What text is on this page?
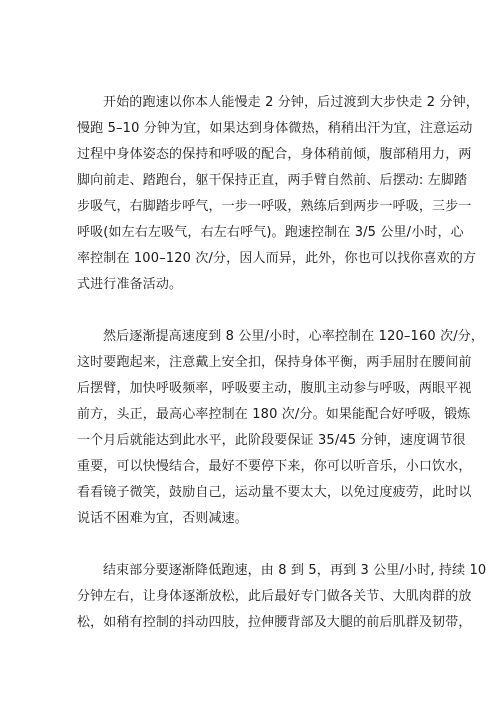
开始的跑速以你本人能慢走 2 分钟，后过渡到大步快走 2 分钟，
慢跑 5–10 分钟为宜，如果达到身体微热，稍稍出汗为宜，注意运动
过程中身体姿态的保持和呼吸的配合，身体稍前倾，腹部稍用力，两
脚向前走、踏跑台，躯干保持正直，两手臂自然前、后摆动: 左脚踏
步吸气，右脚踏步呼气，一步一呼吸，熟练后到两步一呼吸，三步一
呼吸(如左右左吸气，右左右呼气)。跑速控制在 3/5 公里/小时，心
率控制在 100–120 次/分，因人而异，此外，你也可以找你喜欢的方
式进行准备活动。
然后逐渐提高速度到 8 公里/小时，心率控制在 120–160 次/分，
这时要跑起来，注意戴上安全扣，保持身体平衡，两手屈肘在腰间前
后摆臂，加快呼吸频率，呼吸要主动，腹肌主动参与呼吸，两眼平视
前方，头正，最高心率控制在 180 次/分。如果能配合好呼吸，锻炼
一个月后就能达到此水平，此阶段要保证 35/45 分钟，速度调节很
重要，可以快慢结合，最好不要停下来，你可以听音乐，小口饮水，
看看镜子微笑，鼓励自己，运动量不要太大，以免过度疲劳，此时以
说话不困难为宜，否则减速。
结束部分要逐渐降低跑速，由 8 到 5，再到 3 公里/小时, 持续 10
分钟左右，让身体逐渐放松，此后最好专门做各关节、大肌肉群的放
松，如稍有控制的抖动四肢，拉伸腰背部及大腿的前后肌群及韧带，
